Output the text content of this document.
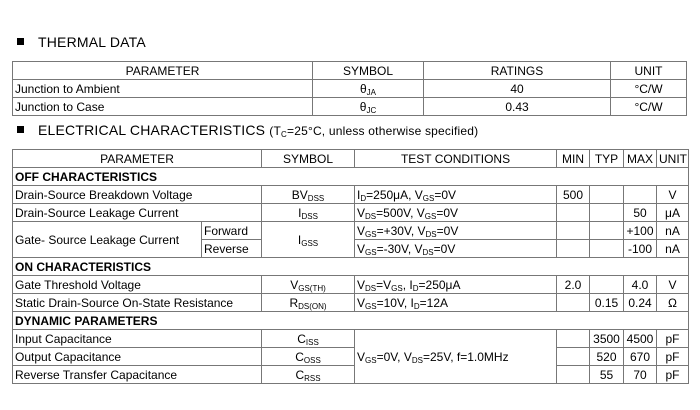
THERMAL DATA
PARAMETER	SYMBOL	RATINGS	UNIT
Junction to Ambient	$\theta_{JA}$	40	°C/W
Junction to Case	$\theta_{JC}$	0.43	°C/W
ELECTRICAL CHARACTERISTICS ($T_C=25^\circ C$, unless otherwise specified)
PARAMETER		SYMBOL	TEST CONDITIONS	MIN	TYP	MAX	UNIT
OFF CHARACTERISTICS							
Drain-Source Breakdown Voltage		$BV_{DSS}$	$I_D=250\mu A$, $V_{GS}=0V$	500			V
Drain-Source Leakage Current		$I_{DSS}$	$V_{DS}=500V$, $V_{GS}=0V$			50	μA
Gate- Source Leakage Current	Forward	$I_{GSS}$	$V_{GS}=+30V$, $V_{DS}=0V$			+100	nA
	Reverse		$V_{GS}=-30V$, $V_{DS}=0V$			-100	nA
ON CHARACTERISTICS							
Gate Threshold Voltage		$V_{GS(TH)}$	$V_{DS}=V_{GS}$, $I_D=250\mu A$	2.0		4.0	V
Static Drain-Source On-State Resistance		$R_{DS(ON)}$	$V_{GS}=10V$, $I_D=12A$		0.15	0.24	Ω
DYNAMIC PARAMETERS							
Input Capacitance		$C_{ISS}$	$V_{GS}=0V$, $V_{DS}=25V$, f=1.0MHz		3500	4500	pF
Output Capacitance		$C_{OSS}$			520	670	pF
Reverse Transfer Capacitance		$C_{RSS}$			55	70	pF
